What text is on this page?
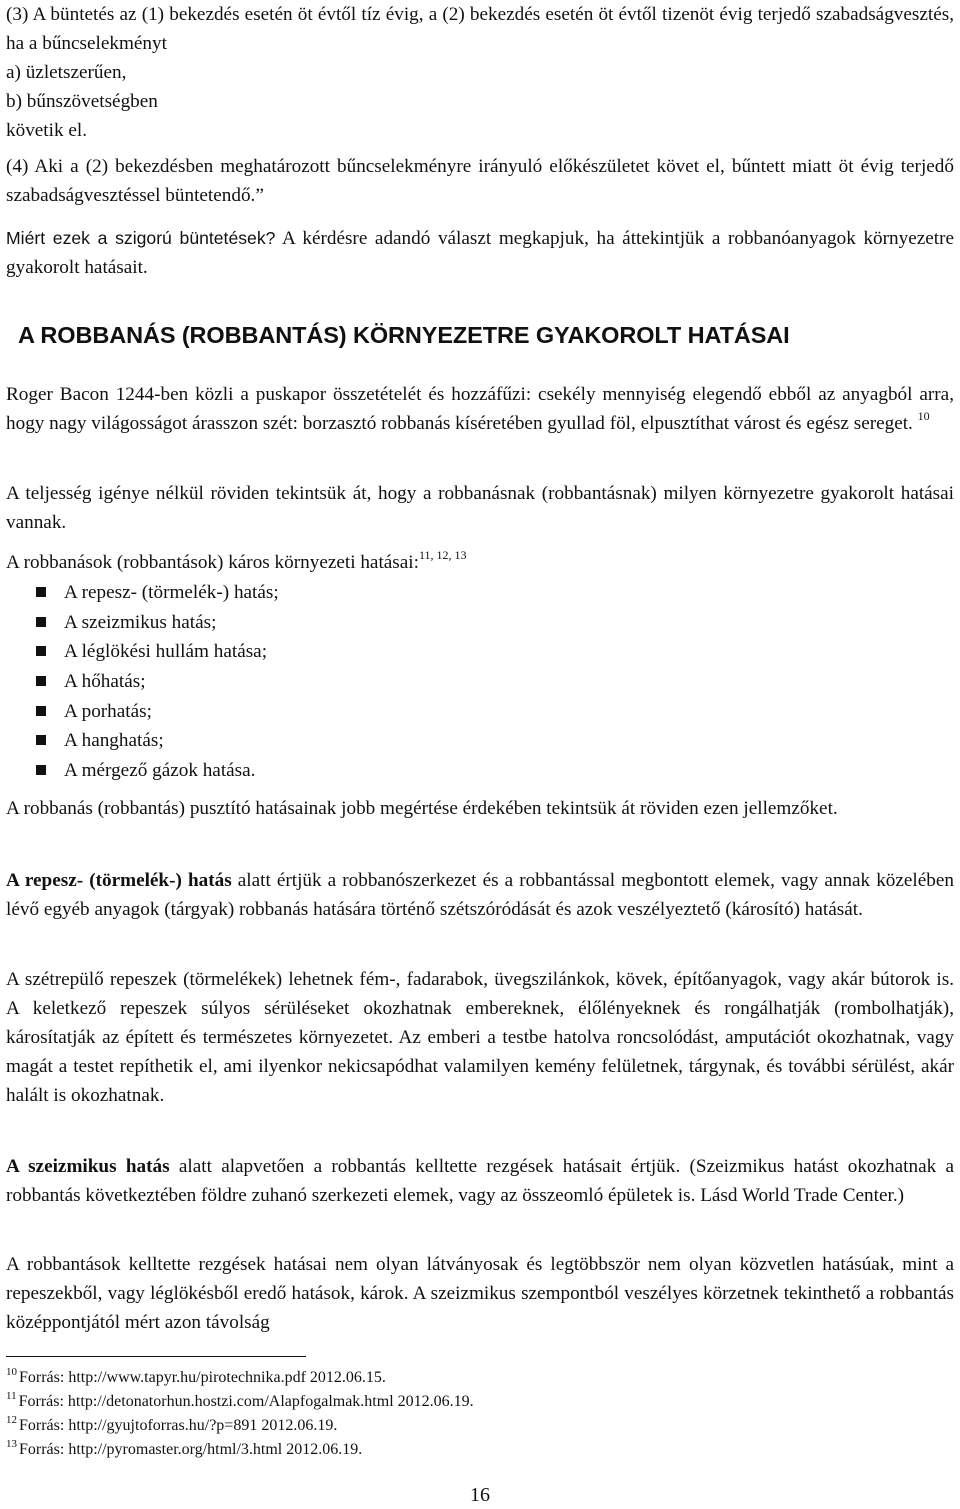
(3) A büntetés az (1) bekezdés esetén öt évtől tíz évig, a (2) bekezdés esetén öt évtől tizenöt évig terjedő szabadságvesztés, ha a bűncselekményt

a) üzletszerűen,

b) bűnszövetségben

követik el.

(4) Aki a (2) bekezdésben meghatározott bűncselekményre irányuló előkészületet követ el, bűntett miatt öt évig terjedő szabadságvesztéssel büntetendő.”

Miért ezek a szigorú büntetések? A kérdésre adandó választ megkapjuk, ha áttekintjük a robbanóanyagok környezetre gyakorolt hatásait.

A ROBBANÁS (ROBBANTÁS) KÖRNYEZETRE GYAKOROLT HATÁSAI

Roger Bacon 1244-ben közli a puskapor összetételét és hozzáfűzi: csekély mennyiség elegendő ebből az anyagból arra, hogy nagy világosságot árasszon szét: borzasztó robbanás kíséretében gyullad föl, elpusztíthat várost és egész sereget. $^{10}$

A teljesség igénye nélkül röviden tekintsük át, hogy a robbanásnak (robbantásnak) milyen környezetre gyakorolt hatásai vannak.

A robbanások (robbantások) káros környezeti hatásai:$^{11, 12, 13}$

A repesz- (törmelék-) hatás;
A szeizmikus hatás;
A léglökési hullám hatása;
A hőhatás;
A porhatás;
A hanghatás;
A mérgező gázok hatása.

A robbanás (robbantás) pusztító hatásainak jobb megértése érdekében tekintsük át röviden ezen jellemzőket.

A repesz- (törmelék-) hatás alatt értjük a robbanószerkezet és a robbantással megbontott elemek, vagy annak közelében lévő egyéb anyagok (tárgyak) robbanás hatására történő szétszóródását és azok veszélyeztető (károsító) hatását.

A szétrepülő repeszek (törmelékek) lehetnek fém-, fadarabok, üvegszilánkok, kövek, építőanyagok, vagy akár bútorok is. A keletkező repeszek súlyos sérüléseket okozhatnak embereknek, élőlényeknek és rongálhatják (rombolhatják), károsítatják az épített és természetes környezetet. Az emberi a testbe hatolva roncsolódást, amputációt okozhatnak, vagy magát a testet repíthetik el, ami ilyenkor nekicsapódhat valamilyen kemény felületnek, tárgynak, és további sérülést, akár halált is okozhatnak.

A szeizmikus hatás alatt alapvetően a robbantás kelltette rezgések hatásait értjük. (Szeizmikus hatást okozhatnak a robbantás következtében földre zuhanó szerkezeti elemek, vagy az összeomló épületek is. Lásd World Trade Center.)

A robbantások kelltette rezgések hatásai nem olyan látványosak és legtöbbször nem olyan közvetlen hatásúak, mint a repeszekből, vagy léglökésből eredő hatások, károk. A szeizmikus szempontból veszélyes körzetnek tekinthető a robbantás középpontjától mért azon távolság

$^{10}$ Forrás: http://www.tapyr.hu/pirotechnika.pdf 2012.06.15.
$^{11}$ Forrás: http://detonatorhun.hostzi.com/Alapfogalmak.html 2012.06.19.
$^{12}$ Forrás: http://gyujtoforras.hu/?p=891 2012.06.19.
$^{13}$ Forrás: http://pyromaster.org/html/3.html 2012.06.19.
16
